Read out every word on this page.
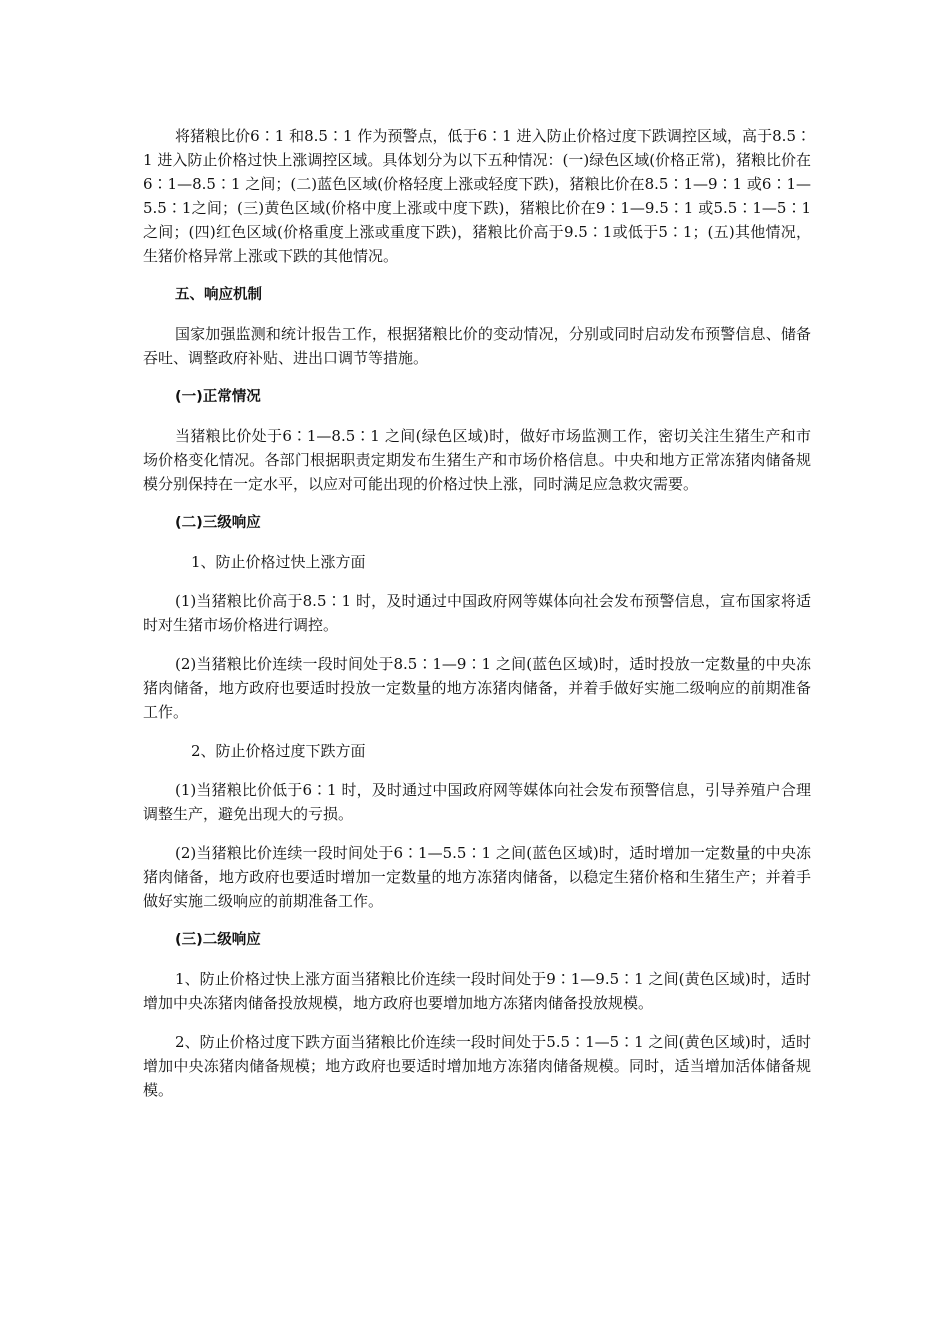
将猪粮比价6∶1 和8.5∶1 作为预警点，低于6∶1 进入防止价格过度下跌调控区域，高于8.5∶1 进入防止价格过快上涨调控区域。具体划分为以下五种情况：(一)绿色区域(价格正常)，猪粮比价在6∶1—8.5∶1 之间；(二)蓝色区域(价格轻度上涨或轻度下跌)，猪粮比价在8.5∶1—9∶1 或6∶1—5.5∶1之间；(三)黄色区域(价格中度上涨或中度下跌)，猪粮比价在9∶1—9.5∶1 或5.5∶1—5∶1 之间；(四)红色区域(价格重度上涨或重度下跌)，猪粮比价高于9.5∶1或低于5∶1；(五)其他情况，生猪价格异常上涨或下跌的其他情况。

五、响应机制

国家加强监测和统计报告工作，根据猪粮比价的变动情况，分别或同时启动发布预警信息、储备吞吐、调整政府补贴、进出口调节等措施。

(一)正常情况

当猪粮比价处于6∶1—8.5∶1 之间(绿色区域)时，做好市场监测工作，密切关注生猪生产和市场价格变化情况。各部门根据职责定期发布生猪生产和市场价格信息。中央和地方正常冻猪肉储备规模分别保持在一定水平，以应对可能出现的价格过快上涨，同时满足应急救灾需要。

(二)三级响应

1、防止价格过快上涨方面

(1)当猪粮比价高于8.5∶1 时，及时通过中国政府网等媒体向社会发布预警信息，宣布国家将适时对生猪市场价格进行调控。

(2)当猪粮比价连续一段时间处于8.5∶1—9∶1 之间(蓝色区域)时，适时投放一定数量的中央冻猪肉储备，地方政府也要适时投放一定数量的地方冻猪肉储备，并着手做好实施二级响应的前期准备工作。

2、防止价格过度下跌方面

(1)当猪粮比价低于6∶1 时，及时通过中国政府网等媒体向社会发布预警信息，引导养殖户合理调整生产，避免出现大的亏损。

(2)当猪粮比价连续一段时间处于6∶1—5.5∶1 之间(蓝色区域)时，适时增加一定数量的中央冻猪肉储备，地方政府也要适时增加一定数量的地方冻猪肉储备，以稳定生猪价格和生猪生产；并着手做好实施二级响应的前期准备工作。

(三)二级响应

1、防止价格过快上涨方面当猪粮比价连续一段时间处于9∶1—9.5∶1 之间(黄色区域)时，适时增加中央冻猪肉储备投放规模，地方政府也要增加地方冻猪肉储备投放规模。

2、防止价格过度下跌方面当猪粮比价连续一段时间处于5.5∶1—5∶1 之间(黄色区域)时，适时增加中央冻猪肉储备规模；地方政府也要适时增加地方冻猪肉储备规模。同时，适当增加活体储备规模。
